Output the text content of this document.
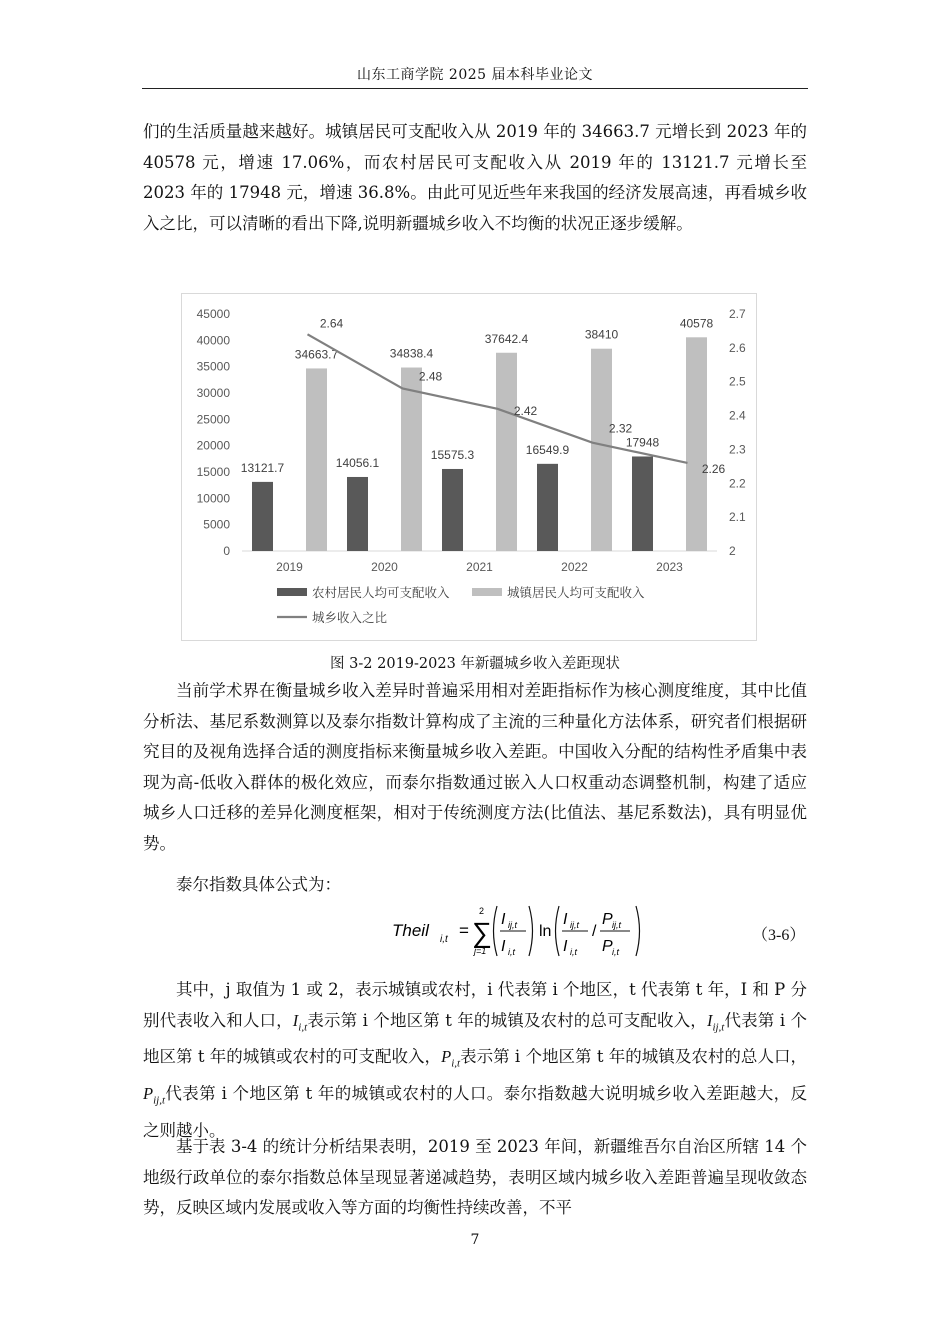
山东工商学院 2025 届本科毕业论文

们的生活质量越来越好。城镇居民可支配收入从 2019 年的 34663.7 元增长到 2023 年的 40578 元，增速 17.06%，而农村居民可支配收入从 2019 年的 13121.7 元增长至 2023 年的 17948 元，增速 36.8%。由此可见近些年来我国的经济发展高速，再看城乡收入之比，可以清晰的看出下降,说明新疆城乡收入不均衡的状况正逐步缓解。

0
5000
10000
15000
20000
25000
30000
35000
40000
45000
2
2.1
2.2
2.3
2.4
2.5
2.6
2.7
2019	2020	2021	2022	2023
13121.7
34663.7
14056.1
34838.4
15575.3
37642.4
16549.9
38410
17948
40578
2.64
2.48
2.42
2.32
2.26
农村居民人均可支配收入	城镇居民人均可支配收入
城乡收入之比
图 3-2 2019-2023 年新疆城乡收入差距现状

当前学术界在衡量城乡收入差异时普遍采用相对差距指标作为核心测度维度，其中比值分析法、基尼系数测算以及泰尔指数计算构成了主流的三种量化方法体系，研究者们根据研究目的及视角选择合适的测度指标来衡量城乡收入差距。中国收入分配的结构性矛盾集中表现为高-低收入群体的极化效应，而泰尔指数通过嵌入人口权重动态调整机制，构建了适应城乡人口迁移的差异化测度框架，相对于传统测度方法(比值法、基尼系数法)，具有明显优势。

泰尔指数具体公式为：

Theil i,t =
2
∑
j=1
I ij,t
I i,t
ln
I ij,t
I i,t
/
P ij,t
P i,t
（3-6）

其中，j 取值为 1 或 2，表示城镇或农村，i 代表第 i 个地区，t 代表第 t 年，I 和 P 分别代表收入和人口，$I_{i,t}$表示第 i 个地区第 t 年的城镇及农村的总可支配收入，$I_{ij,t}$代表第 i 个地区第 t 年的城镇或农村的可支配收入，$P_{i,t}$表示第 i 个地区第 t 年的城镇及农村的总人口，$P_{ij,t}$代表第 i 个地区第 t 年的城镇或农村的人口。泰尔指数越大说明城乡收入差距越大，反之则越小。

基于表 3-4 的统计分析结果表明，2019 至 2023 年间，新疆维吾尔自治区所辖 14 个地级行政单位的泰尔指数总体呈现显著递减趋势，表明区域内城乡收入差距普遍呈现收敛态势，反映区域内发展或收入等方面的均衡性持续改善，不平

7
